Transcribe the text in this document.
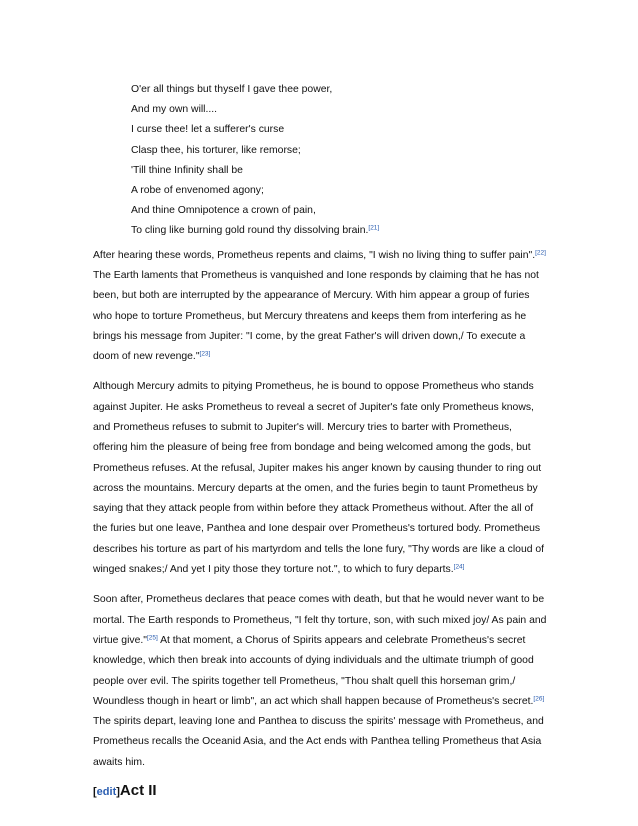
O'er all things but thyself I gave thee power,
And my own will....
I curse thee! let a sufferer's curse
Clasp thee, his torturer, like remorse;
'Till thine Infinity shall be
A robe of envenomed agony;
And thine Omnipotence a crown of pain,
To cling like burning gold round thy dissolving brain.[21]

After hearing these words, Prometheus repents and claims, "I wish no living thing to suffer pain".[22] The Earth laments that Prometheus is vanquished and Ione responds by claiming that he has not been, but both are interrupted by the appearance of Mercury. With him appear a group of furies who hope to torture Prometheus, but Mercury threatens and keeps them from interfering as he brings his message from Jupiter: "I come, by the great Father's will driven down,/ To execute a doom of new revenge."[23]

Although Mercury admits to pitying Prometheus, he is bound to oppose Prometheus who stands against Jupiter. He asks Prometheus to reveal a secret of Jupiter's fate only Prometheus knows, and Prometheus refuses to submit to Jupiter's will. Mercury tries to barter with Prometheus, offering him the pleasure of being free from bondage and being welcomed among the gods, but Prometheus refuses. At the refusal, Jupiter makes his anger known by causing thunder to ring out across the mountains. Mercury departs at the omen, and the furies begin to taunt Prometheus by saying that they attack people from within before they attack Prometheus without. After the all of the furies but one leave, Panthea and Ione despair over Prometheus's tortured body. Prometheus describes his torture as part of his martyrdom and tells the lone fury, "Thy words are like a cloud of winged snakes;/ And yet I pity those they torture not.", to which to fury departs.[24]

Soon after, Prometheus declares that peace comes with death, but that he would never want to be mortal. The Earth responds to Prometheus, "I felt thy torture, son, with such mixed joy/ As pain and virtue give."[25] At that moment, a Chorus of Spirits appears and celebrate Prometheus's secret knowledge, which then break into accounts of dying individuals and the ultimate triumph of good people over evil. The spirits together tell Prometheus, "Thou shalt quell this horseman grim,/ Woundless though in heart or limb", an act which shall happen because of Prometheus's secret.[26] The spirits depart, leaving Ione and Panthea to discuss the spirits' message with Prometheus, and Prometheus recalls the Oceanid Asia, and the Act ends with Panthea telling Prometheus that Asia awaits him.

[edit]Act II
